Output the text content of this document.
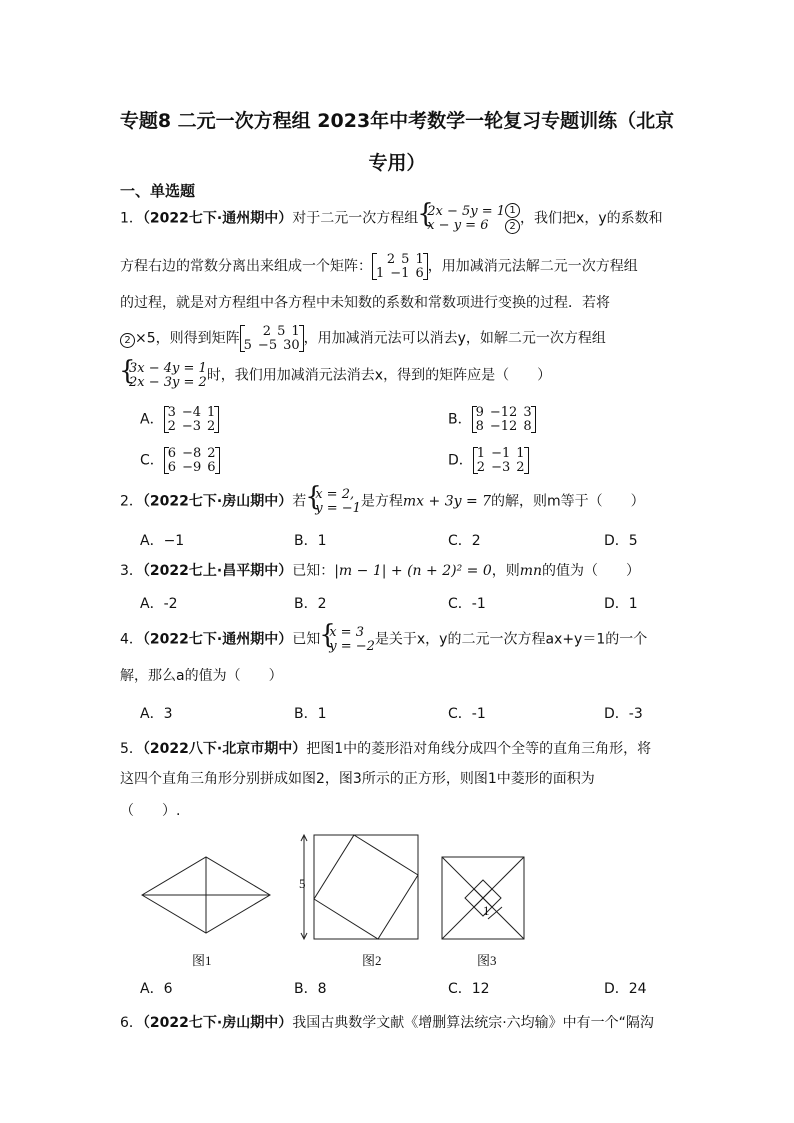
专题8 二元一次方程组 2023年中考数学一轮复习专题训练（北京
专用）
一、单选题
1．（2022七下·通州期中）对于二元一次方程组 { 2x − 5y = 1
x − y = 6	$\frac{1}{2}$ ，我们把x，y的系数和
方程右边的常数分离出来组成一个矩阵： 2 5 1
1 −1 6 ，用加减消元法解二元一次方程组
的过程，就是对方程组中各方程中未知数的系数和常数项进行变换的过程．若将
2 ×5，则得到矩阵 2 5 1
5 −5 30 ，用加减消元法可以消去y，如解二元一次方程组
{ 3x − 4y = 1
2x − 3y = 2 时，我们用加减消元法消去x，得到的矩阵应是（　　）
A． 3 −4 1
2 −3 2	B． 9 −12 3
8 −12 8
C． 6 −8 2
6 −9 6	D． 1 −1 1
2 −3 2
2．（2022七下·房山期中）若 { x = 2,
y = −1 是方程mx + 3y = 7的解，则m等于（　　）
A．−1	B．1	C．2	D．5
3．（2022七上·昌平期中）已知：|m − 1| + (n + 2)² = 0，则mn的值为（　　）
A．-2	B．2	C．-1	D．1
4．（2022七下·通州期中）已知 { x = 3
y = −2 是关于x，y的二元一次方程ax+y＝1的一个
解，那么a的值为（　　）
A．3	B．1	C．-1	D．-3
5．（2022八下·北京市期中）把图1中的菱形沿对角线分成四个全等的直角三角形，将
这四个直角三角形分别拼成如图2，图3所示的正方形，则图1中菱形的面积为
（　　）.
图1
5
图2
1
图3
A．6	B．8	C．12	D．24
6．（2022七下·房山期中）我国古典数学文献《增删算法统宗·六均输》中有一个“隔沟
